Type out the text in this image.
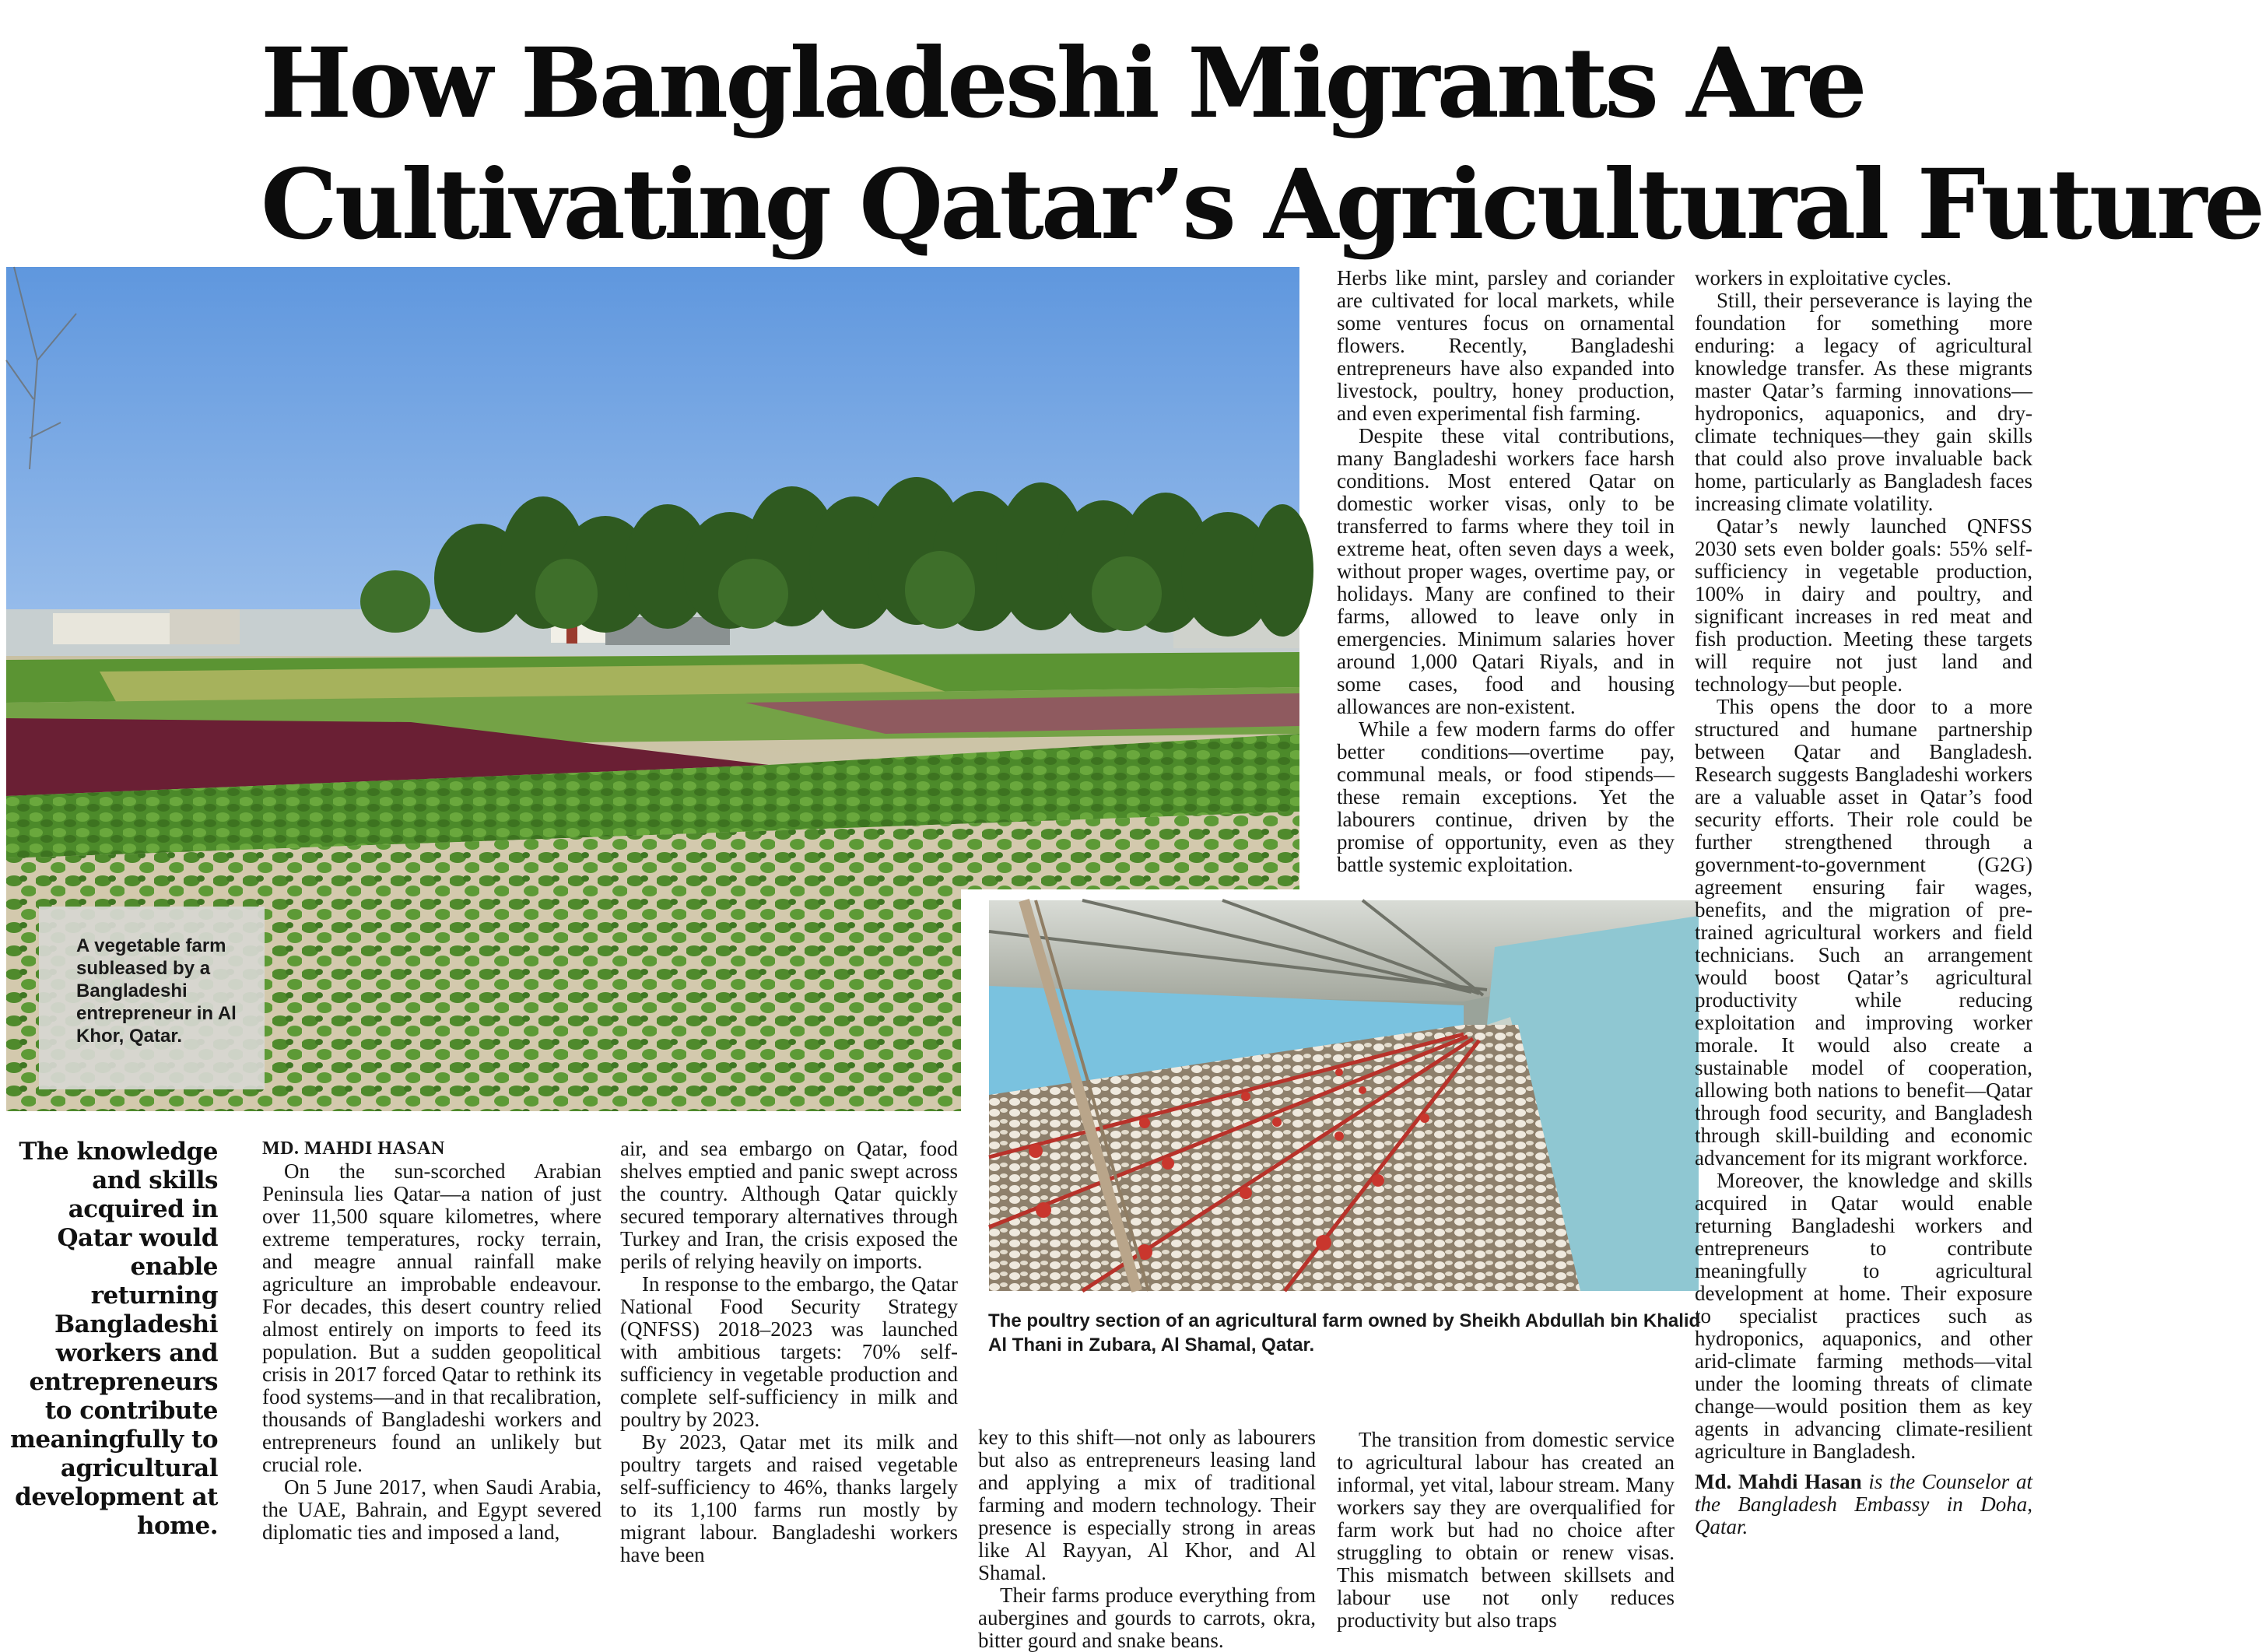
How Bangladeshi Migrants Are
Cultivating Qatar’s Agricultural Future
A vegetable farm subleased by a Bangladeshi entrepreneur in Al Khor, Qatar.
The poultry section of an agricultural farm owned by Sheikh Abdullah bin Khalid Al Thani in Zubara, Al Shamal, Qatar.
The knowledge and skills acquired in Qatar would enable returning Bangladeshi workers and entrepreneurs to contribute meaningfully to agricultural development at home.

MD. MAHDI HASAN

On the sun-scorched Arabian Peninsula lies Qatar—a nation of just over 11,500 square kilometres, where extreme temperatures, rocky terrain, and meagre annual rainfall make agriculture an improbable endeavour. For decades, this desert country relied almost entirely on imports to feed its population. But a sudden geopolitical crisis in 2017 forced Qatar to rethink its food systems—and in that recalibration, thousands of Bangladeshi workers and entrepreneurs found an unlikely but crucial role.

On 5 June 2017, when Saudi Arabia, the UAE, Bahrain, and Egypt severed diplomatic ties and imposed a land,

air, and sea embargo on Qatar, food shelves emptied and panic swept across the country. Although Qatar quickly secured temporary alternatives through Turkey and Iran, the crisis exposed the perils of relying heavily on imports.

In response to the embargo, the Qatar National Food Security Strategy (QNFSS) 2018–2023 was launched with ambitious targets: 70% self-sufficiency in vegetable production and complete self-sufficiency in milk and poultry by 2023.

By 2023, Qatar met its milk and poultry targets and raised vegetable self-sufficiency to 46%, thanks largely to its 1,100 farms run mostly by migrant labour. Bangladeshi workers have been

key to this shift—not only as labourers but also as entrepreneurs leasing land and applying a mix of traditional farming and modern technology. Their presence is especially strong in areas like Al Rayyan, Al Khor, and Al Shamal.

Their farms produce everything from aubergines and gourds to carrots, okra, bitter gourd and snake beans.

Herbs like mint, parsley and coriander are cultivated for local markets, while some ventures focus on ornamental flowers. Recently, Bangladeshi entrepreneurs have also expanded into livestock, poultry, honey production, and even experimental fish farming.

Despite these vital contributions, many Bangladeshi workers face harsh conditions. Most entered Qatar on domestic worker visas, only to be transferred to farms where they toil in extreme heat, often seven days a week, without proper wages, overtime pay, or holidays. Many are confined to their farms, allowed to leave only in emergencies. Minimum salaries hover around 1,000 Qatari Riyals, and in some cases, food and housing allowances are non-existent.

While a few modern farms do offer better conditions—overtime pay, communal meals, or food stipends—these remain exceptions. Yet the labourers continue, driven by the promise of opportunity, even as they battle systemic exploitation.

The transition from domestic service to agricultural labour has created an informal, yet vital, labour stream. Many workers say they are overqualified for farm work but had no choice after struggling to obtain or renew visas. This mismatch between skillsets and labour use not only reduces productivity but also traps

workers in exploitative cycles.

Still, their perseverance is laying the foundation for something more enduring: a legacy of agricultural knowledge transfer. As these migrants master Qatar’s farming innovations—hydroponics, aquaponics, and dry-climate techniques—they gain skills that could also prove invaluable back home, particularly as Bangladesh faces increasing climate volatility.

Qatar’s newly launched QNFSS 2030 sets even bolder goals: 55% self-sufficiency in vegetable production, 100% in dairy and poultry, and significant increases in red meat and fish production. Meeting these targets will require not just land and technology—but people.

This opens the door to a more structured and humane partnership between Qatar and Bangladesh. Research suggests Bangladeshi workers are a valuable asset in Qatar’s food security efforts. Their role could be further strengthened through a government-to-government (G2G) agreement ensuring fair wages, benefits, and the migration of pre-trained agricultural workers and field technicians. Such an arrangement would boost Qatar’s agricultural productivity while reducing exploitation and improving worker morale. It would also create a sustainable model of cooperation, allowing both nations to benefit—Qatar through food security, and Bangladesh through skill-building and economic advancement for its migrant workforce.

Moreover, the knowledge and skills acquired in Qatar would enable returning Bangladeshi workers and entrepreneurs to contribute meaningfully to agricultural development at home. Their exposure to specialist practices such as hydroponics, aquaponics, and other arid-climate farming methods—vital under the looming threats of climate change—would position them as key agents in advancing climate-resilient agriculture in Bangladesh.

Md. Mahdi Hasan is the Counselor at the Bangladesh Embassy in Doha, Qatar.
